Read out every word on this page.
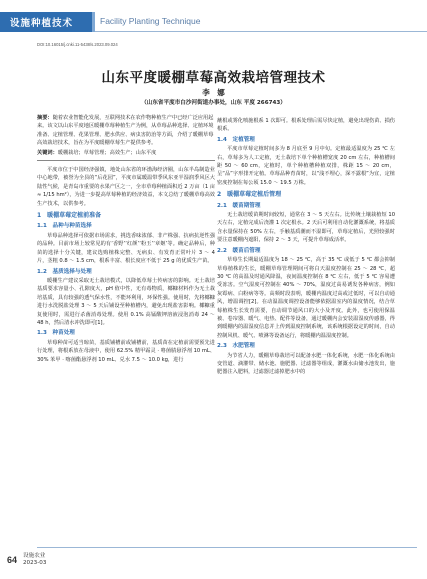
设施种植技术	Facility Planting Technique
DOI:10.16015/j.cnki.11-5438/s.2023.09.024
山东平度暖棚草莓高效栽培管理技术
李　娜
（山东省平度市白沙河街道办事处，山东 平度 266743）
摘要：随着农业智能化发展，互联网技术在农作物种植生产中已经广泛应用起来。该文以山东平度地区暖棚草莓种植生产为例，从草莓品种选择、定植环境准备、定植管理、花果管理、肥水供应、病虫害防治等方面，介绍了暖棚草莓高效栽培技术，旨在为平度暖棚草莓生产提供参考。
关键词：暖棚栽培；草莓管理；高效生产；山东平度

平度市位于中国经济强镇，地处山东省的环渤海经济圈，山东半岛制造业中心地带，被誉为全县的“后花园”，平度市属暖温带季风东亚半湿润季风区大陆性气候，是青岛市重要的水果产区之一，全市草莓种植面积近 2 万亩（1 亩 ≈ 1/15 hm²），为进一步提高草莓种植的经济效益，本文总结了暖棚草莓高效生产技术，以供参考。

1　暖棚草莓定植前准备
1.1　品种与种苗选择

草莓品种选择可依据市场需求，挑选香味浓郁、非产株强、抗病抗逆性强的品种。目前市场上较常见的有‘香野’‘红颜’‘粉玉’‘章姬’等。确定品种后，种苗的选择十分关键，建议选购植株完整、无病虫、有发育正常叶片 3 ～ 4 片，茎粗 0.8 ～ 1.5 cm，根系丰富、根长度应不低于 25 g 的优质生产苗。

1.2　基质选择与处理

暖棚生产建议采取无土栽培模式，以降低草莓土传病害的影响。无土栽培基质要求容量小、孔隙度大，pH 值中性，无有毒物质，椰糠材料作为无土栽培基质，具有较强的透气保水性，不能环利用，环保性强。使用时，先将椰糠进行水洗脱盐处理 3 ～ 5 天后铺设至种植槽内，避免出现盐害影响。椰糠重复使用时，需进行杀菌消毒处理。使用 0.1% 高锰酸钾溶液浸泡消毒 24 ～ 48 h，然后清水冲洗即可[1]。

1.3　种苗处理

草莓种苗可适当晾苗，基质铺槽前或铺槽前，基质苗在定植前需要预先进行处理，将根系放在母液中，使用 62.5% 精甲霜灵 · 咯菌腈悬浮剂 10 mL、30% 苯甲 · 喀菌酯悬浮剂 10 mL、兑水 7.5 ～ 10.0 kg，进行

蘸根或雾化喷施根系 1 次即可。根系处理后需尽快定植，避免出现伤苗、损伤根系。

1.4　定植管理

平度市草莓定植时间多为 8 月底至 9 月中旬。定植最适温度为 25 ℃ 左右，草莓多为人工定植，无土栽培下单个种植槽宽度 20 cm 左右，种植槽间距 50 ～ 60 cm，定植时，单个种植槽种植双排，株距 15 ～ 20 cm，呈“品”字形排开定植。草莓品种育苗时，以“浅不埋心，深不露根”为宜，定植密度控制在每公顷 15.0 ～ 19.5 万株。

2　暖棚草莓定植后管理
2.1　缓苗期管理

无土栽培缓苗期时间较短，通常在 3 ～ 5 天左右。比传统土壤栽植短 10 天左右，定植完成后浇灌 1 次定根水。2 天后可利用自动化灌溉系统，将基质含水量保持在 50% 左右，手触基质潮而不湿即可，草莓定植后，光照较强时要注意暖棚内遮阳，保持 2 ～ 3 天，可提升草莓成活率。

2.2　缓苗后管理

草莓生长期最适温度为 18 ～ 25 ℃，高于 35 ℃ 或低于 5 ℃ 都会抑制草莓植株的生长，暖棚草莓管理期间可将白天温度控制在 25 ～ 28 ℃，超 30 ℃ 的高温及时通风降温，夜间温度控制在 8 ℃ 左右，低于 5 ℃ 容易遭受冻害。空气湿度可控制在 40% ～ 70%，温度过高易诱发各种病害，例如灰霉病、白粉病等等。高频时段表明，暖棚内温度过高或过低时，可以自动通风，增温调控[2]。在动温温度调控设备能够依据温室内的温度情况，结合草莓植株生长发育需要，自动调节通风口的大小及开度。此外，也可使用保温被、卷帘器、暖气、电热、配件等设备，通过暖棚内会安装温湿度传感器，得到暖棚内的温湿度信息并上传到温度控制系统，该系统根据设定的时间，自动控制风机、暖气、喷淋等设备运行，将暖棚内温湿度控制。

2.3　水肥管理

为节省人力，暖棚草莓栽培可以配备水肥一体化系统，水肥一体化系统由变管道、滴灌带、储水池、施肥器、过滤器等组成，灌溉水由储水池发出，施肥器注入肥料，过滤器过滤掉肥水中的

64 设施农业
2023-03
